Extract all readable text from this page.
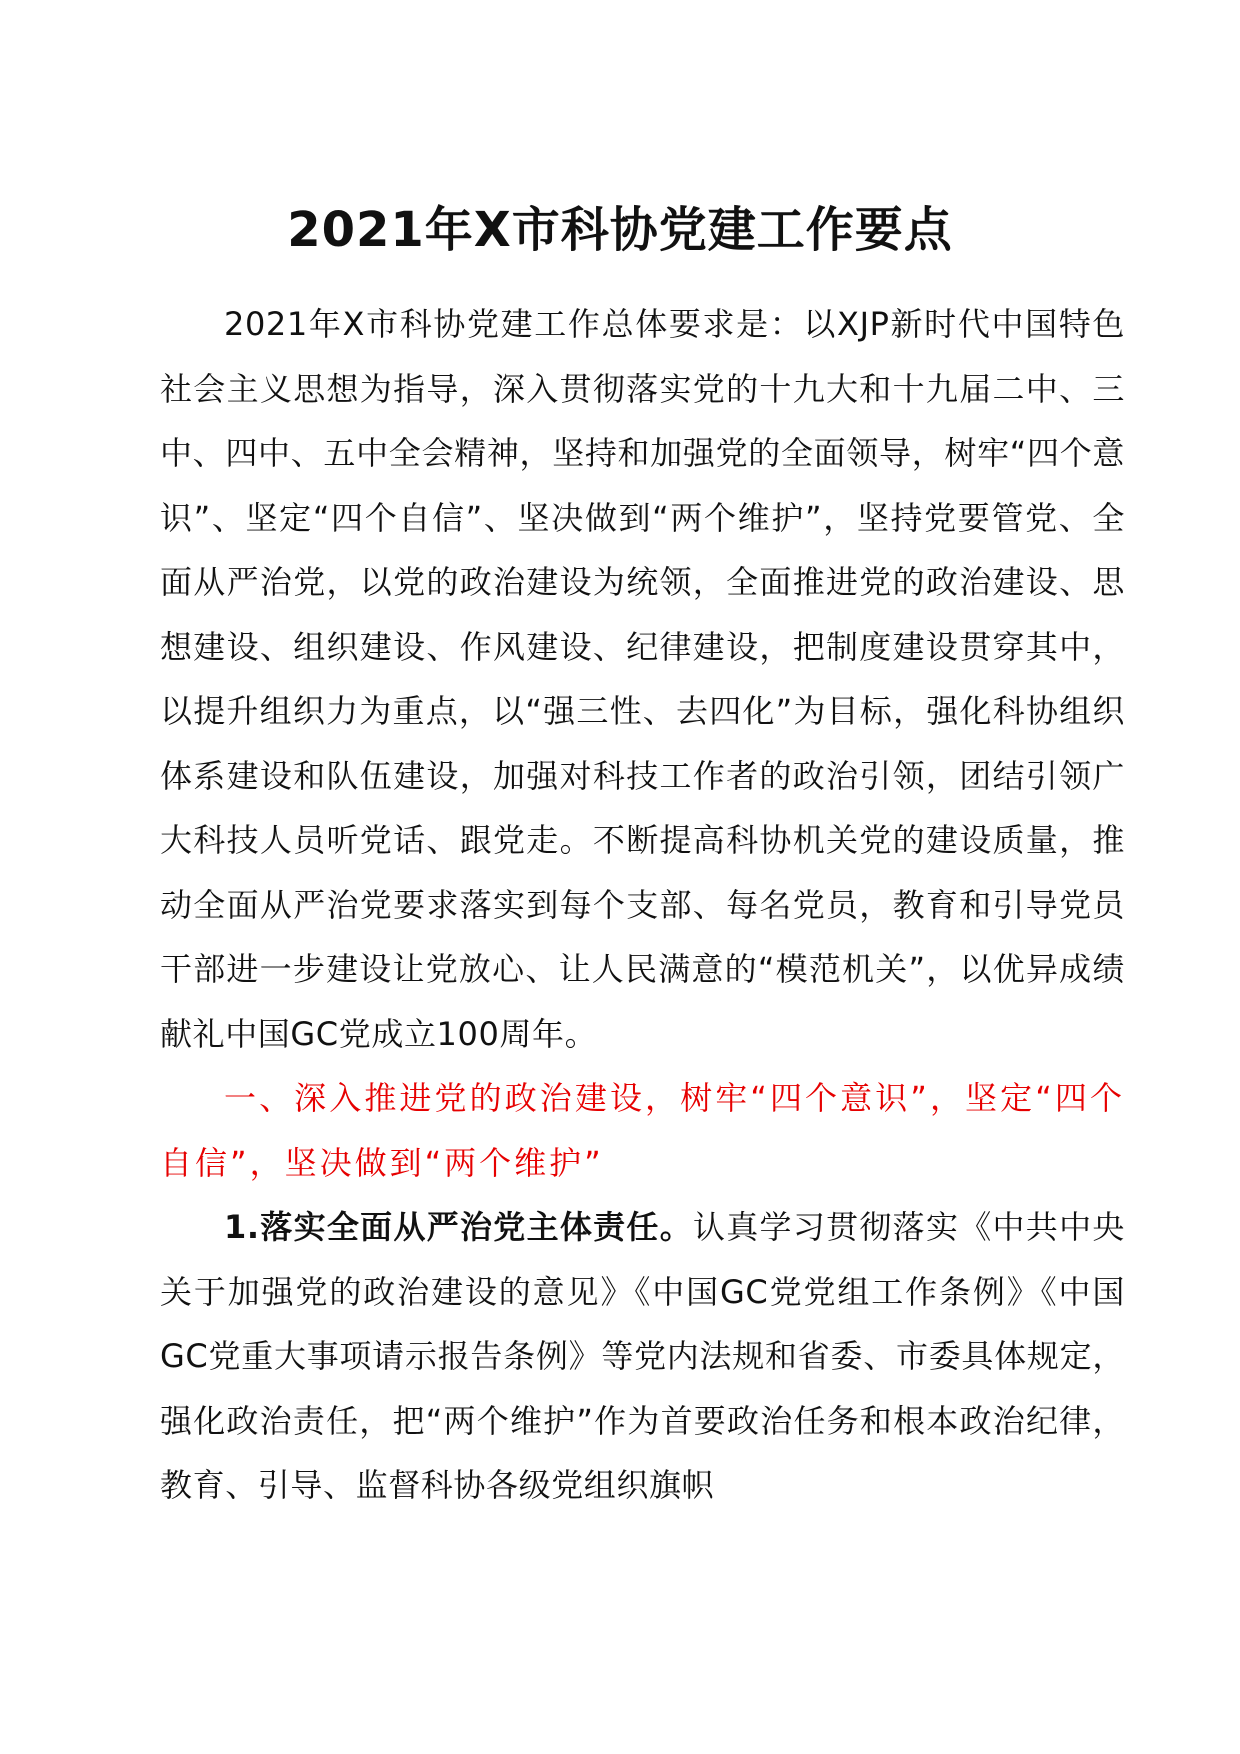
2021年X市科协党建工作要点

2021年X市科协党建工作总体要求是：以XJP新时代中国特色社会主义思想为指导，深入贯彻落实党的十九大和十九届二中、三中、四中、五中全会精神，坚持和加强党的全面领导，树牢“四个意识”、坚定“四个自信”、坚决做到“两个维护”，坚持党要管党、全面从严治党，以党的政治建设为统领，全面推进党的政治建设、思想建设、组织建设、作风建设、纪律建设，把制度建设贯穿其中，以提升组织力为重点，以“强三性、去四化”为目标，强化科协组织体系建设和队伍建设，加强对科技工作者的政治引领，团结引领广大科技人员听党话、跟党走。不断提高科协机关党的建设质量，推动全面从严治党要求落实到每个支部、每名党员，教育和引导党员干部进一步建设让党放心、让人民满意的“模范机关”，以优异成绩献礼中国GC党成立100周年。

一、深入推进党的政治建设，树牢“四个意识”，坚定“四个自信”，坚决做到“两个维护”

1.落实全面从严治党主体责任。认真学习贯彻落实《中共中央关于加强党的政治建设的意见》《中国GC党党组工作条例》《中国GC党重大事项请示报告条例》等党内法规和省委、市委具体规定，强化政治责任，把“两个维护”作为首要政治任务和根本政治纪律，教育、引导、监督科协各级党组织旗帜
